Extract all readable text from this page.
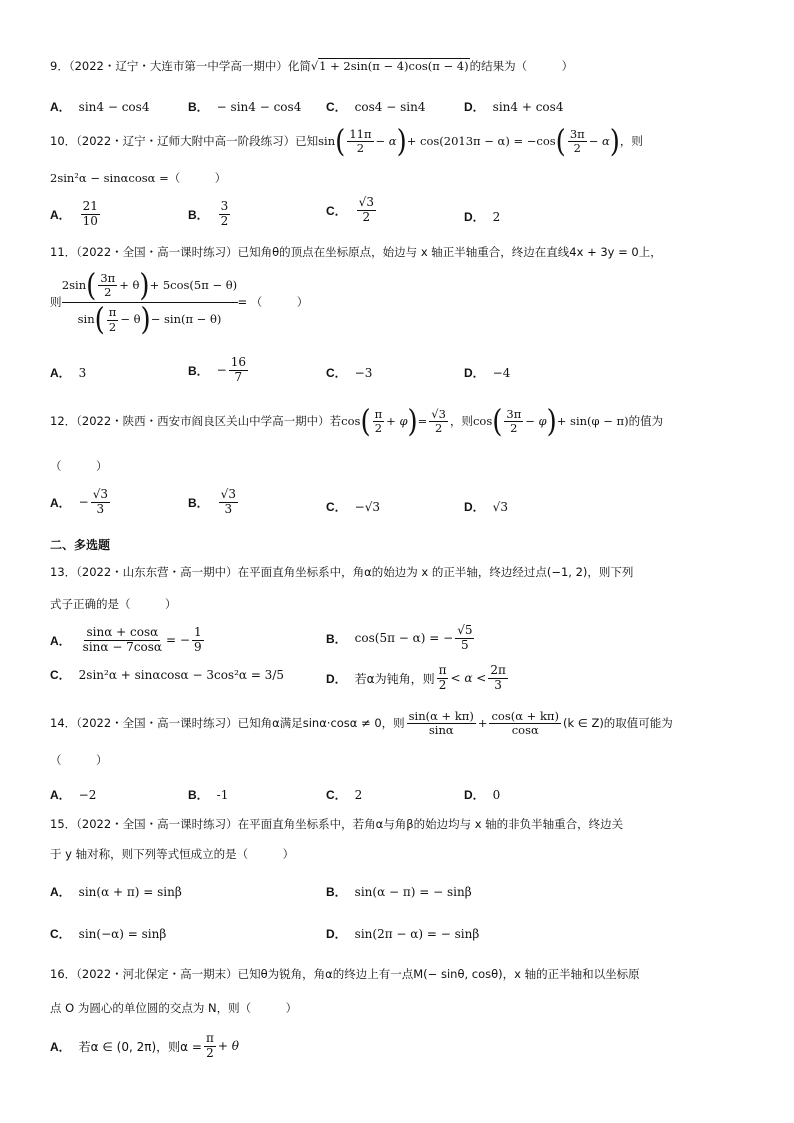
9．（2022・辽宁・大连市第一中学高一期中）化简√1 + 2sin(π − 4)cos(π − 4)的结果为（　　　）
A． sin4 − cos4	B． − sin4 − cos4 C． cos4 − sin4	D． sin4 + cos4
10．（2022・辽宁・辽师大附中高一阶段练习）已知 sin ( $\frac{11\pi}{2} - \alpha$ ) + cos(2013π − α) = −cos ( $\frac{3\pi}{2} - \alpha$ ) ，则
2sin²α − sinαcosα =（　　　）
A． $\frac{21}{10}$	B． $\frac{3}{2}$	C． $\frac{√3}{2}$	D． 2
11．（2022・全国・高一课时练习）已知角θ的顶点在坐标原点，始边与 x 轴正半轴重合，终边在直线4x + 3y = 0上，
则
2sin ( $\frac{3\pi}{2} + \theta$ ) + 5cos(5π − θ)
sin ( $\frac{\pi}{2} - \theta$ ) − sin(π − θ)
= （　　　）
A． 3	B． − $\frac{16}{7}$	C． −3	D． −4
12．（2022・陕西・西安市阎良区关山中学高一期中）若 cos ( $\frac{\pi}{2} + \varphi$ ) = $\frac{√3}{2}$ ，则 cos ( $\frac{3\pi}{2} - \varphi$ ) + sin(φ − π)的值为
（　　　）
A． − $\frac{√3}{3}$	B． $\frac{√3}{3}$	C． −√3	D． √3
二、多选题
13．（2022・山东东营・高一期中）在平面直角坐标系中，角α的始边为 x 的正半轴，终边经过点(−1, 2)，则下列
式子正确的是（　　　）
A． $\frac{\sin\alpha + \cos\alpha}{\sin\alpha - 7\cos\alpha}$ = − $\frac{1}{9}$	B． cos(5π − α) = − $\frac{√5}{5}$
C． 2sin²α + sinαcosα − 3cos²α = 3/5	D． 若α为钝角，则 $\frac{\pi}{2} < \alpha < \frac{2\pi}{3}$
14．（2022・全国・高一课时练习）已知角α满足sinα·cosα ≠ 0，则 $\frac{\sin(\alpha + k\pi)}{\sin\alpha} + \frac{\cos(\alpha + k\pi)}{\cos\alpha} (k$ ∈ Z)的取值可能为
（　　　）
A． −2	B． -1	C． 2	D． 0
15．（2022・全国・高一课时练习）在平面直角坐标系中，若角α与角β的始边均与 x 轴的非负半轴重合，终边关
于 y 轴对称，则下列等式恒成立的是（　　　）
A． sin(α + π) = sinβ	B． sin(α − π) = − sinβ
C． sin(−α) = sinβ	D． sin(2π − α) = − sinβ
16．（2022・河北保定・高一期末）已知θ为锐角，角α的终边上有一点M(− sinθ, cosθ)，x 轴的正半轴和以坐标原
点 O 为圆心的单位圆的交点为 N，则（　　　）
A． 若α ∈ (0, 2π)，则$\alpha = \frac{\pi}{2} + \theta$
